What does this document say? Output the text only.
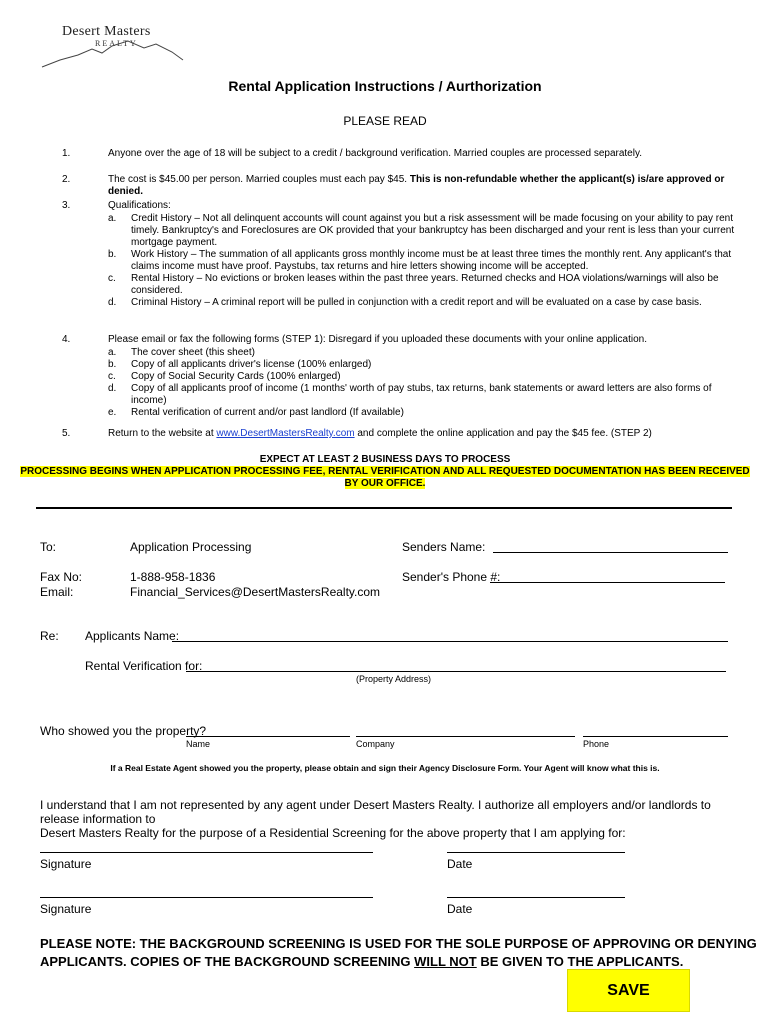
Desert Masters
REALTY
Rental Application Instructions / Aurthorization
PLEASE READ
1.	Anyone over the age of 18 will be subject to a credit / background verification. Married couples are processed separately.
2.	The cost is $45.00 per person. Married couples must each pay $45. This is non-refundable whether the applicant(s) is/are approved or denied.
3.	Qualifications:
a.	Credit History – Not all delinquent accounts will count against you but a risk assessment will be made focusing on your ability to pay rent timely. Bankruptcy's and Foreclosures are OK provided that your bankruptcy has been discharged and your rent is less than your current mortgage payment.
b.	Work History – The summation of all applicants gross monthly income must be at least three times the monthly rent. Any applicant's that claims income must have proof. Paystubs, tax returns and hire letters showing income will be accepted.
c.	Rental History – No evictions or broken leases within the past three years. Returned checks and HOA violations/warnings will also be considered.
d.	Criminal History – A criminal report will be pulled in conjunction with a credit report and will be evaluated on a case by case basis.
4.	Please email or fax the following forms (STEP 1): Disregard if you uploaded these documents with your online application.
a.	The cover sheet (this sheet)
b.	Copy of all applicants driver's license (100% enlarged)
c.	Copy of Social Security Cards (100% enlarged)
d.	Copy of all applicants proof of income (1 months' worth of pay stubs, tax returns, bank statements or award letters are also forms of income)
e.	Rental verification of current and/or past landlord (If available)
5.	Return to the website at www.DesertMastersRealty.com and complete the online application and pay the $45 fee. (STEP 2)
EXPECT AT LEAST 2 BUSINESS DAYS TO PROCESS
PROCESSING BEGINS WHEN APPLICATION PROCESSING FEE, RENTAL VERIFICATION AND ALL REQUESTED DOCUMENTATION HAS BEEN RECEIVED
BY OUR OFFICE.
To:	Application Processing	Senders Name:
Fax No:	1-888-958-1836	Sender's Phone #:
Email:	Financial_Services@DesertMastersRealty.com
Re: Applicants Name:
Rental Verification for:
(Property Address)
Who showed you the property?
Name	Company	Phone
If a Real Estate Agent showed you the property, please obtain and sign their Agency Disclosure Form. Your Agent will know what this is.
I understand that I am not represented by any agent under Desert Masters Realty. I authorize all employers and/or landlords to release information to
Desert Masters Realty for the purpose of a Residential Screening for the above property that I am applying for:
Signature	Date
Signature	Date
PLEASE NOTE: THE BACKGROUND SCREENING IS USED FOR THE SOLE PURPOSE OF APPROVING OR DENYING
APPLICANTS. COPIES OF THE BACKGROUND SCREENING WILL NOT BE GIVEN TO THE APPLICANTS.
SAVE
